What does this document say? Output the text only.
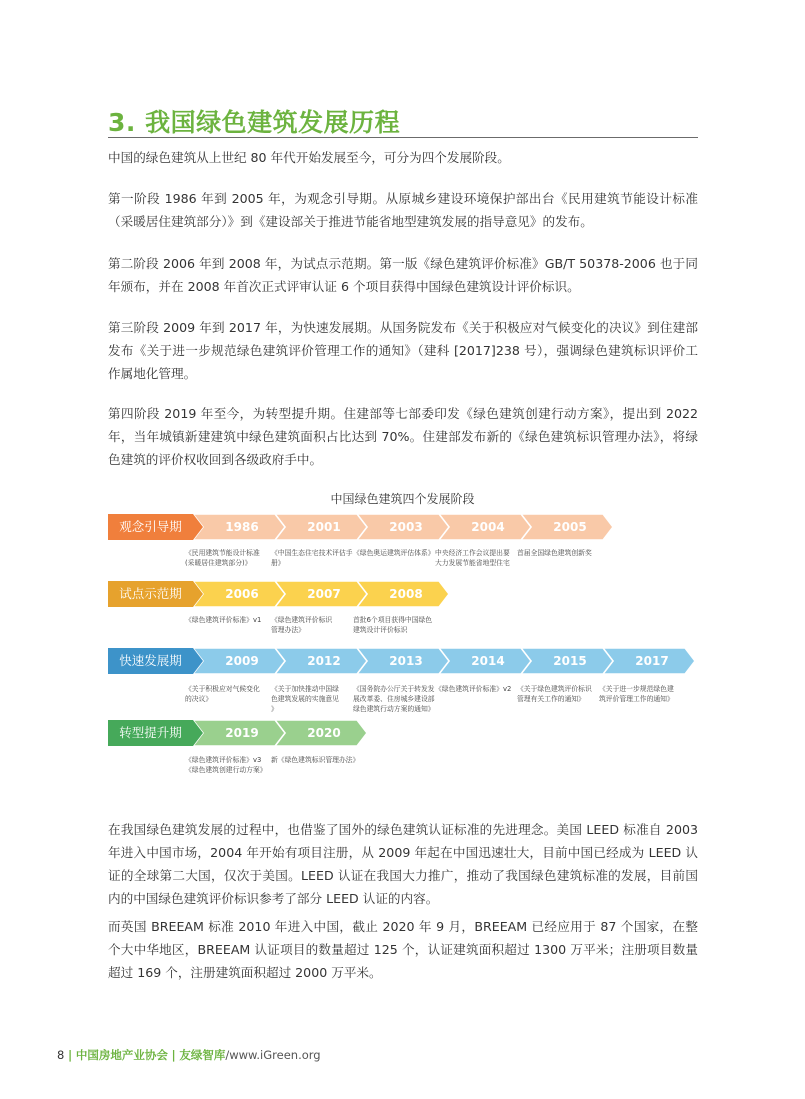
3. 我国绿色建筑发展历程

中国的绿色建筑从上世纪 80 年代开始发展至今，可分为四个发展阶段。

第一阶段 1986 年到 2005 年，为观念引导期。从原城乡建设环境保护部出台《民用建筑节能设计标准（采暖居住建筑部分）》到《建设部关于推进节能省地型建筑发展的指导意见》的发布。

第二阶段 2006 年到 2008 年，为试点示范期。第一版《绿色建筑评价标准》GB/T 50378-2006 也于同年颁布，并在 2008 年首次正式评审认证 6 个项目获得中国绿色建筑设计评价标识。

第三阶段 2009 年到 2017 年，为快速发展期。从国务院发布《关于积极应对气候变化的决议》到住建部发布《关于进一步规范绿色建筑评价管理工作的通知》（建科 [2017]238 号），强调绿色建筑标识评价工作属地化管理。

第四阶段 2019 年至今，为转型提升期。住建部等七部委印发《绿色建筑创建行动方案》，提出到 2022 年，当年城镇新建建筑中绿色建筑面积占比达到 70%。住建部发布新的《绿色建筑标识管理办法》，将绿色建筑的评价权收回到各级政府手中。

中国绿色建筑四个发展阶段
观念引导期	1986
《民用建筑节能设计标准
(采暖居住建筑部分)》
2001
《中国生态住宅技术评估手册》
2003
《绿色奥运建筑评估体系》
2004
中央经济工作会议提出要
大力发展节能省地型住宅
2005
首届全国绿色建筑创新奖
试点示范期	2006
《绿色建筑评价标准》v1
2007
《绿色建筑评价标识
管理办法》
2008
首批6个项目获得中国绿色
建筑设计评价标识
快速发展期	2009
《关于积极应对气候变化
的决议》
2012
《关于加快推动中国绿
色建筑发展的实施意见
》
2013
《国务院办公厅关于转发发
展改革委、住房城乡建设部
绿色建筑行动方案的通知》
2014
《绿色建筑评价标准》v2
2015
《关于绿色建筑评价标识
管理有关工作的通知》
2017
《关于进一步规范绿色建
筑评价管理工作的通知》
转型提升期	2019
《绿色建筑评价标准》v3
《绿色建筑创建行动方案》
2020
新《绿色建筑标识管理办法》

在我国绿色建筑发展的过程中，也借鉴了国外的绿色建筑认证标准的先进理念。美国 LEED 标准自 2003 年进入中国市场，2004 年开始有项目注册，从 2009 年起在中国迅速壮大，目前中国已经成为 LEED 认证的全球第二大国，仅次于美国。LEED 认证在我国大力推广，推动了我国绿色建筑标准的发展，目前国内的中国绿色建筑评价标识参考了部分 LEED 认证的内容。

而英国 BREEAM 标准 2010 年进入中国，截止 2020 年 9 月，BREEAM 已经应用于 87 个国家，在整个大中华地区，BREEAM 认证项目的数量超过 125 个，认证建筑面积超过 1300 万平米；注册项目数量超过 169 个，注册建筑面积超过 2000 万平米。

8 | 中国房地产业协会 | 友绿智库/www.iGreen.org
